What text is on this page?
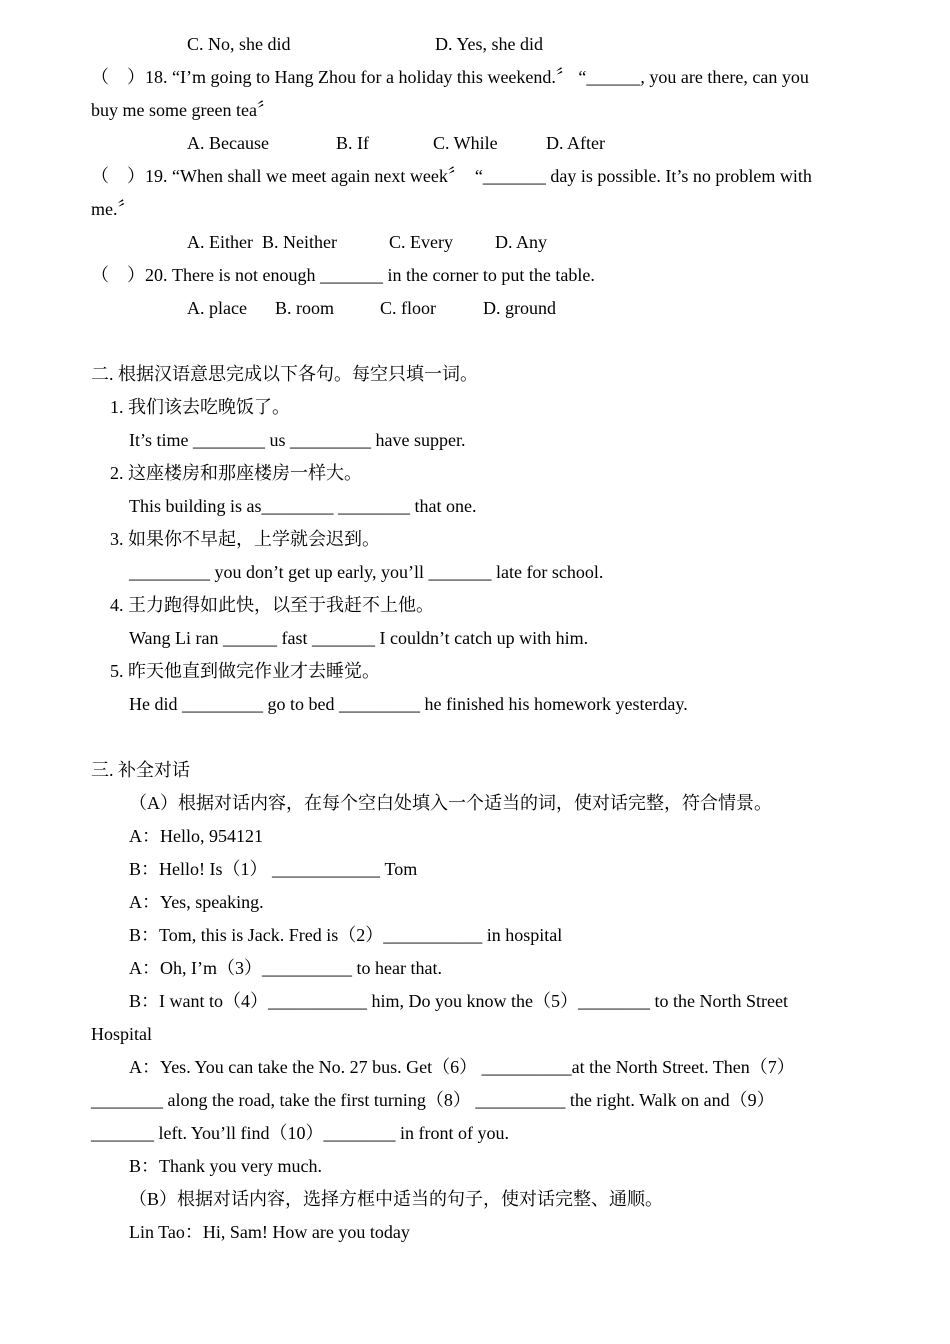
C. No, she did	D. Yes, she did

（    ）18. “I’m going to Hang Zhou for a holiday this weekend.〞 “______, you are there, can you

buy me some green tea〞

A. Because	B. If	C. While	D. After

（    ）19. “When shall we meet again next week〞  “_______ day is possible. It’s no problem with

me.〞

A. Either  B. Neither	C. Every D. Any

（    ）20. There is not enough _______ in the corner to put the table.

A. place B. room	C. floor	D. ground

二. 根据汉语意思完成以下各句。每空只填一词。

1. 我们该去吃晚饭了。

It’s time ________ us _________ have supper.

2. 这座楼房和那座楼房一样大。

This building is as________ ________ that one.

3. 如果你不早起，上学就会迟到。

_________ you don’t get up early, you’ll _______ late for school.

4. 王力跑得如此快，以至于我赶不上他。

Wang Li ran ______ fast _______ I couldn’t catch up with him.

5. 昨天他直到做完作业才去睡觉。

He did _________ go to bed _________ he finished his homework yesterday.

三. 补全对话

（A）根据对话内容，在每个空白处填入一个适当的词，使对话完整，符合情景。

A：Hello, 954121

B：Hello! Is（1） ____________ Tom

A：Yes, speaking.

B：Tom, this is Jack. Fred is（2）___________ in hospital

A：Oh, I’m（3）__________ to hear that.

B：I want to（4）___________ him, Do you know the（5）________ to the North Street

Hospital

A：Yes. You can take the No. 27 bus. Get（6） __________at the North Street. Then（7）

________ along the road, take the first turning（8） __________ the right. Walk on and（9）

_______ left. You’ll find（10）________ in front of you.

B：Thank you very much.

（B）根据对话内容，选择方框中适当的句子，使对话完整、通顺。

Lin Tao：Hi, Sam! How are you today
